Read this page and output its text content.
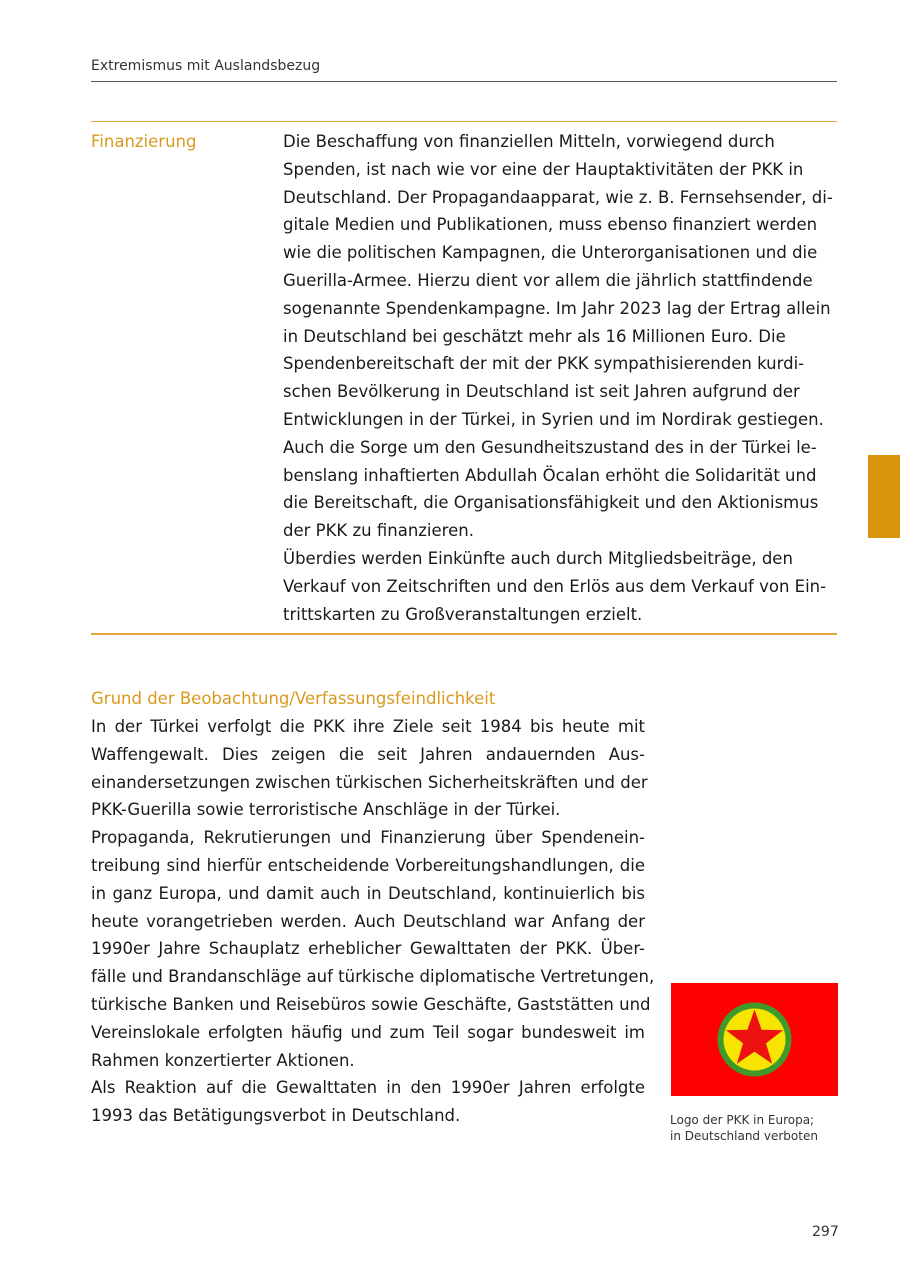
Extremismus mit Auslandsbezug
Finanzierung	Die Beschaffung von finanziellen Mitteln, vorwiegend durch

Spenden, ist nach wie vor eine der Hauptaktivitäten der PKK in

Deutschland. Der Propagandaapparat, wie z. B. Fernsehsender, di-

gitale Medien und Publikationen, muss ebenso finanziert werden

wie die politischen Kampagnen, die Unterorganisationen und die

Guerilla-Armee. Hierzu dient vor allem die jährlich stattfindende

sogenannte Spendenkampagne. Im Jahr 2023 lag der Ertrag allein

in Deutschland bei geschätzt mehr als 16 Millionen Euro. Die

Spendenbereitschaft der mit der PKK sympathisierenden kurdi-

schen Bevölkerung in Deutschland ist seit Jahren aufgrund der

Entwicklungen in der Türkei, in Syrien und im Nordirak gestiegen.

Auch die Sorge um den Gesundheitszustand des in der Türkei le-

benslang inhaftierten Abdullah Öcalan erhöht die Solidarität und

die Bereitschaft, die Organisationsfähigkeit und den Aktionismus

der PKK zu finanzieren.

Überdies werden Einkünfte auch durch Mitgliedsbeiträge, den

Verkauf von Zeitschriften und den Erlös aus dem Verkauf von Ein-

trittskarten zu Großveranstaltungen erzielt.

Grund der Beobachtung/Verfassungsfeindlichkeit

In der Türkei verfolgt die PKK ihre Ziele seit 1984 bis heute mit

Waffengewalt. Dies zeigen die seit Jahren andauernden Aus-

einandersetzungen zwischen türkischen Sicherheitskräften und der

PKK-Guerilla sowie terroristische Anschläge in der Türkei.

Propaganda, Rekrutierungen und Finanzierung über Spendenein-

treibung sind hierfür entscheidende Vorbereitungshandlungen, die

in ganz Europa, und damit auch in Deutschland, kontinuierlich bis

heute vorangetrieben werden. Auch Deutschland war Anfang der

1990er Jahre Schauplatz erheblicher Gewalttaten der PKK. Über-

fälle und Brandanschläge auf türkische diplomatische Vertretungen,

türkische Banken und Reisebüros sowie Geschäfte, Gaststätten und

Vereinslokale erfolgten häufig und zum Teil sogar bundesweit im

Rahmen konzertierter Aktionen.

Als Reaktion auf die Gewalttaten in den 1990er Jahren erfolgte

1993 das Betätigungsverbot in Deutschland.	Logo der PKK in Europa;
in Deutschland verboten
297
